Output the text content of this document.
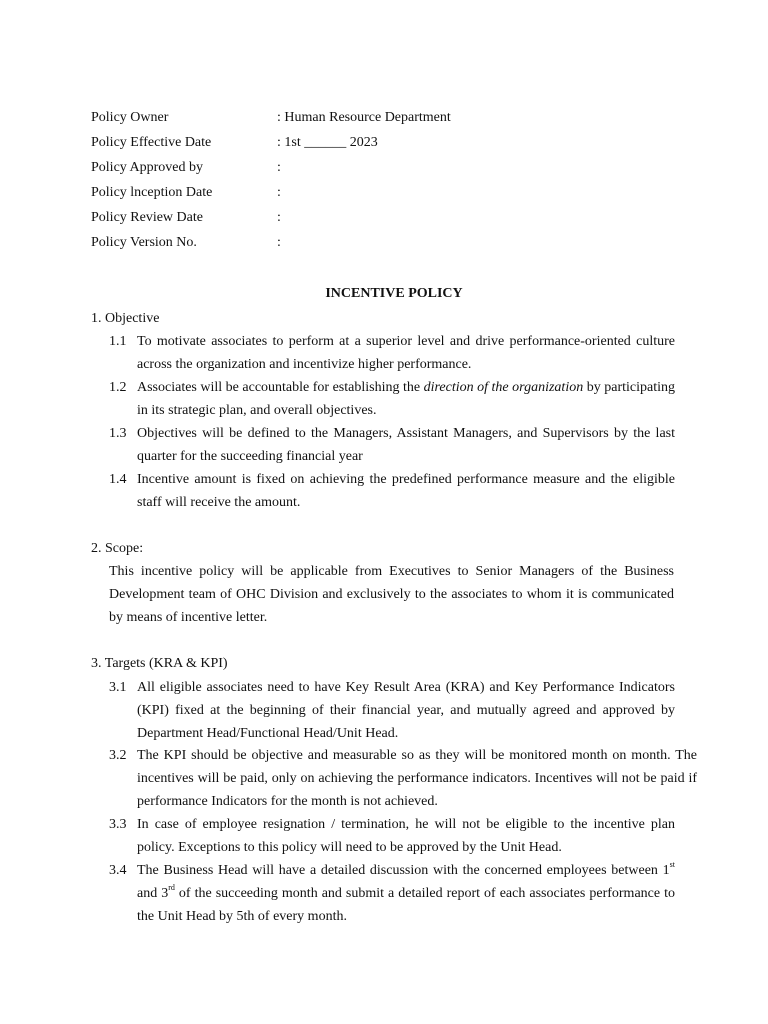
Policy Owner	: Human Resource Department
Policy Effective Date	: 1st ______ 2023
Policy Approved by	:
Policy lnception Date	:
Policy Review Date	:
Policy Version No.	:
INCENTIVE POLICY
1. Objective
1.1 To motivate associates to perform at a superior level and drive performance-oriented culture across the organization and incentivize higher performance.
1.2 Associates will be accountable for establishing the direction of the organization by participating in its strategic plan, and overall objectives.
1.3 Objectives will be defined to the Managers, Assistant Managers, and Supervisors by the last quarter for the succeeding financial year
1.4 Incentive amount is fixed on achieving the predefined performance measure and the eligible staff will receive the amount.
2. Scope:
This incentive policy will be applicable from Executives to Senior Managers of the Business Development team of OHC Division and exclusively to the associates to whom it is communicated by means of incentive letter.
3. Targets (KRA & KPI)
3.1 All eligible associates need to have Key Result Area (KRA) and Key Performance Indicators (KPI) fixed at the beginning of their financial year, and mutually agreed and approved by Department Head/Functional Head/Unit Head.
3.2 The KPI should be objective and measurable so as they will be monitored month on month. The incentives will be paid, only on achieving the performance indicators. Incentives will not be paid if performance Indicators for the month is not achieved.
3.3 In case of employee resignation / termination, he will not be eligible to the incentive plan policy. Exceptions to this policy will need to be approved by the Unit Head.
3.4 The Business Head will have a detailed discussion with the concerned employees between 1st and 3rd of the succeeding month and submit a detailed report of each associates performance to the Unit Head by 5th of every month.
